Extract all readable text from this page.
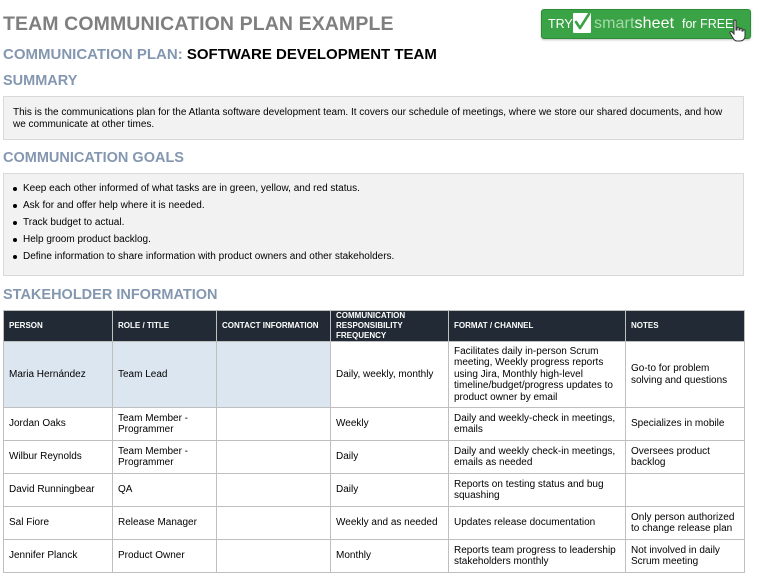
TEAM COMMUNICATION PLAN EXAMPLE	TRY smartsheet for FREE
COMMUNICATION PLAN: SOFTWARE DEVELOPMENT TEAM
SUMMARY
This is the communications plan for the Atlanta software development team. It covers our schedule of meetings, where we store our shared documents, and how we communicate at other times.
COMMUNICATION GOALS
Keep each other informed of what tasks are in green, yellow, and red status.
Ask for and offer help where it is needed.
Track budget to actual.
Help groom product backlog.
Define information to share information with product owners and other stakeholders.
STAKEHOLDER INFORMATION
PERSON	ROLE / TITLE	CONTACT INFORMATION	COMMUNICATION RESPONSIBILITY FREQUENCY	FORMAT / CHANNEL	NOTES
Maria Hernández	Team Lead		Daily, weekly, monthly	Facilitates daily in-person Scrum meeting, Weekly progress reports using Jira, Monthly high-level timeline/budget/progress updates to product owner by email	Go-to for problem solving and questions
Jordan Oaks	Team Member - Programmer		Weekly	Daily and weekly-check in meetings, emails	Specializes in mobile
Wilbur Reynolds	Team Member - Programmer		Daily	Daily and weekly check-in meetings, emails as needed	Oversees product backlog
David Runningbear	QA		Daily	Reports on testing status and bug squashing	
Sal Fiore	Release Manager		Weekly and as needed	Updates release documentation	Only person authorized to change release plan
Jennifer Planck	Product Owner		Monthly	Reports team progress to leadership stakeholders monthly	Not involved in daily Scrum meeting
